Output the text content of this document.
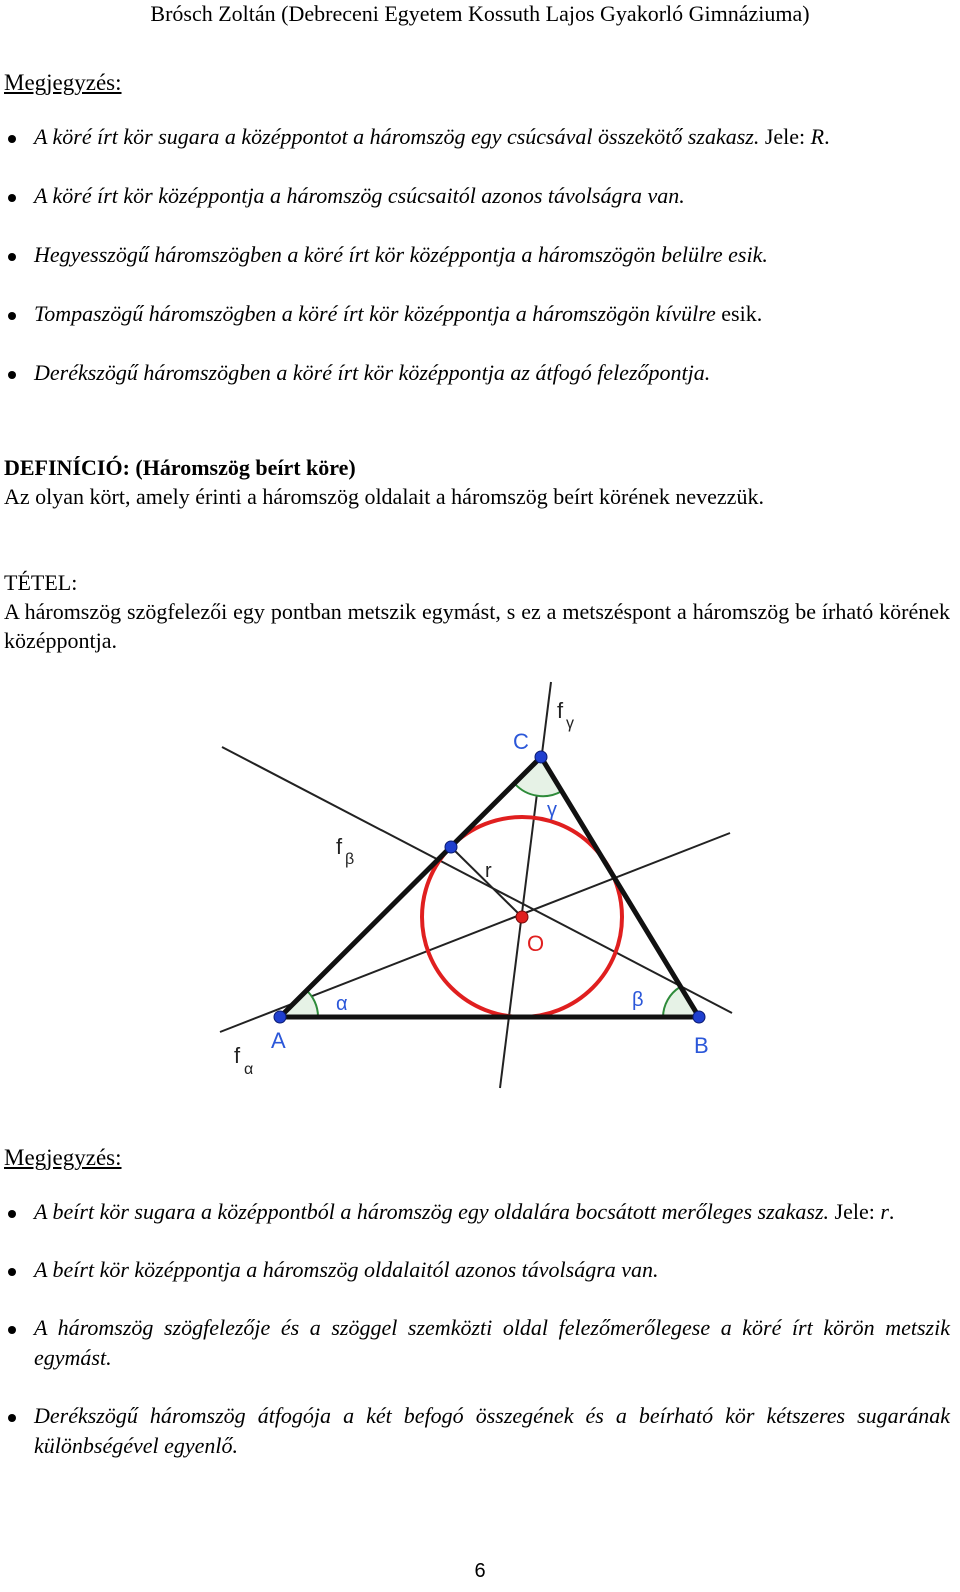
Brósch Zoltán (Debreceni Egyetem Kossuth Lajos Gyakorló Gimnáziuma)
Megjegyzés:
A köré írt kör sugara a középpontot a háromszög egy csúcsával összekötő szakasz. Jele: R.
A köré írt kör középpontja a háromszög csúcsaitól azonos távolságra van.
Hegyesszögű háromszögben a köré írt kör középpontja a háromszögön belülre esik.
Tompaszögű háromszögben a köré írt kör középpontja a háromszögön kívülre esik.
Derékszögű háromszögben a köré írt kör középpontja az átfogó felezőpontja.
DEFINÍCIÓ: (Háromszög beírt köre)
Az olyan kört, amely érinti a háromszög oldalait a háromszög beírt körének nevezzük.
TÉTEL:
A háromszög szögfelezői egy pontban metszik egymást, s ez a metszéspont a háromszög be írható körének középpontja.
A	B
C
O
r
α	β
γ
f
α
f
β
f
γ
Megjegyzés:
A beírt kör sugara a középpontból a háromszög egy oldalára bocsátott merőleges szakasz. Jele: r.
A beírt kör középpontja a háromszög oldalaitól azonos távolságra van.
A háromszög szögfelezője és a szöggel szemközti oldal felezőmerőlegese a köré írt körön metszik egymást.
Derékszögű háromszög átfogója a két befogó összegének és a beírható kör kétszeres sugarának különbségével egyenlő.
6
